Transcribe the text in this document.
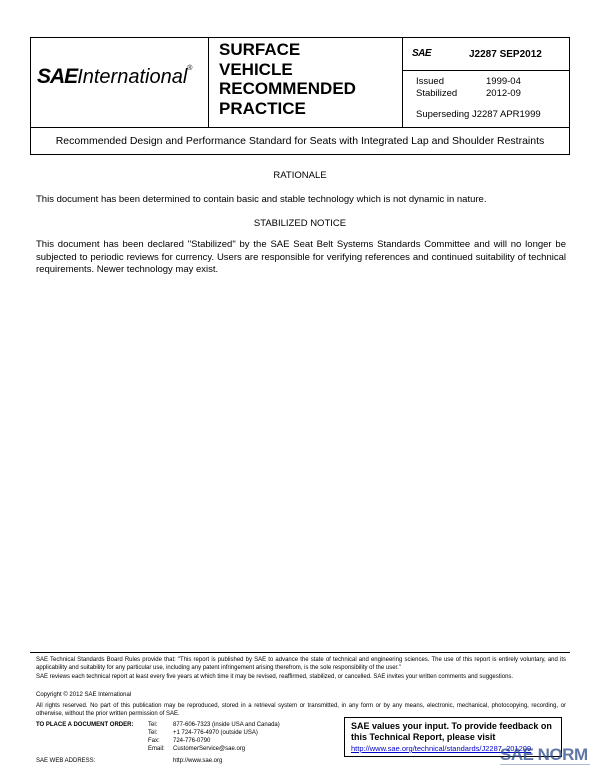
SAEInternational®
SURFACE
VEHICLE
RECOMMENDED
PRACTICE
SAE	J2287 SEP2012
Issued	1999-04
Stabilized	2012-09
Superseding J2287 APR1999
Recommended Design and Performance Standard for Seats with Integrated Lap and Shoulder Restraints
RATIONALE
This document has been determined to contain basic and stable technology which is not dynamic in nature.
STABILIZED NOTICE
This document has been declared "Stabilized" by the SAE Seat Belt Systems Standards Committee and will no longer be subjected to periodic reviews for currency. Users are responsible for verifying references and continued suitability of technical requirements. Newer technology may exist.
SAE Technical Standards Board Rules provide that: "This report is published by SAE to advance the state of technical and engineering sciences. The use of this report is entirely voluntary, and its applicability and suitability for any particular use, including any patent infringement arising therefrom, is the sole responsibility of the user."
SAE reviews each technical report at least every five years at which time it may be revised, reaffirmed, stabilized, or cancelled. SAE invites your written comments and suggestions.
Copyright © 2012 SAE International
All rights reserved. No part of this publication may be reproduced, stored in a retrieval system or transmitted, in any form or by any means, electronic, mechanical, photocopying, recording, or otherwise, without the prior written permission of SAE.
TO PLACE A DOCUMENT ORDER: Tel:	877-606-7323 (inside USA and Canada)
Tel:	+1 724-776-4970 (outside USA)
Fax: 724-776-0790
Email: CustomerService@sae.org
SAE WEB ADDRESS:	http://www.sae.org
SAE values your input. To provide feedback on this Technical Report, please visit
http://www.sae.org/technical/standards/J2287_201209
SAE NORM
